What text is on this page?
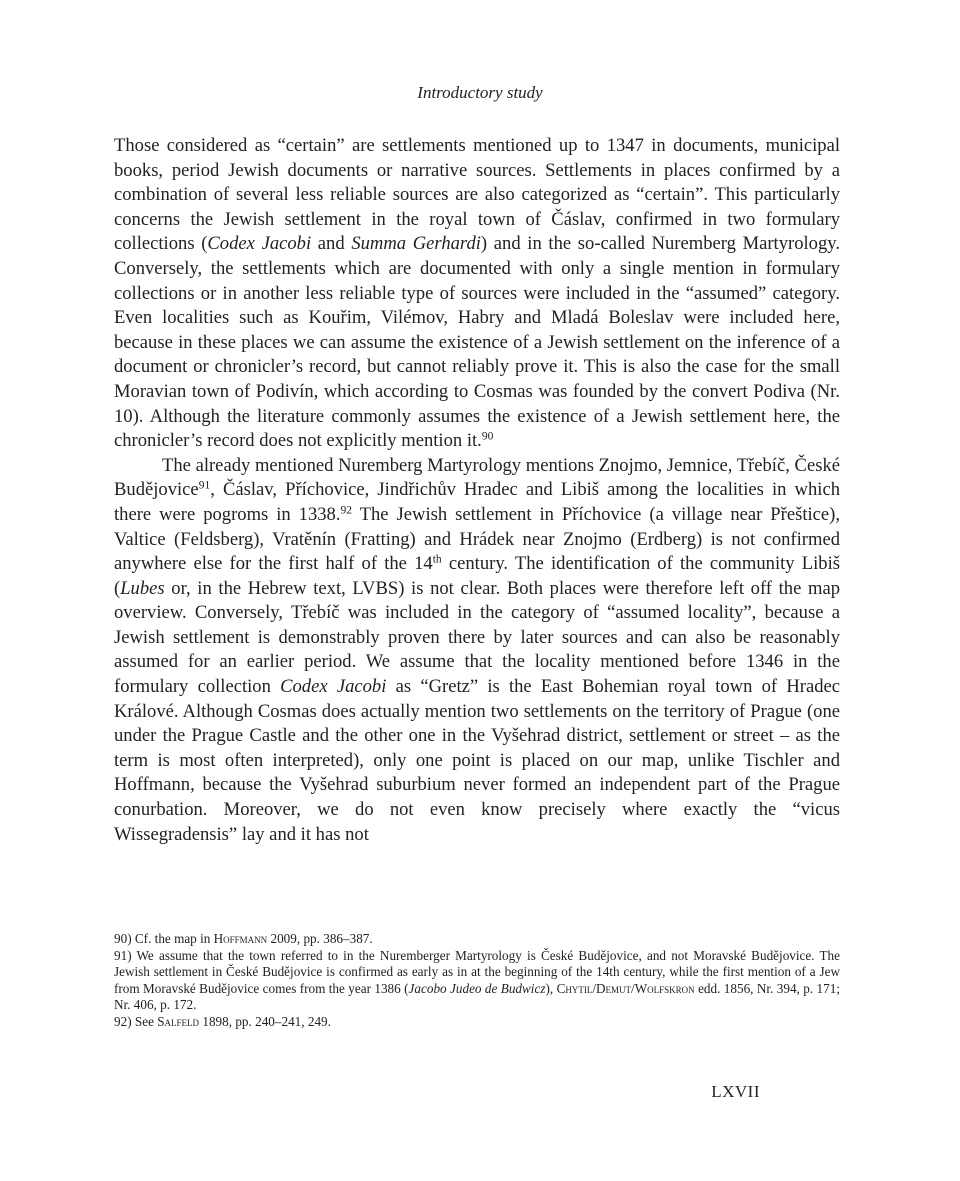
Introductory study

Those considered as “certain” are settlements mentioned up to 1347 in documents, municipal books, period Jewish documents or narrative sources. Settlements in places confirmed by a combination of several less reliable sources are also categorized as “certain”. This particularly concerns the Jewish settlement in the royal town of Čáslav, confirmed in two formulary collections (Codex Jacobi and Summa Gerhardi) and in the so-called Nuremberg Martyrology. Conversely, the settlements which are documented with only a single mention in formulary collections or in another less reliable type of sources were included in the “assumed” category. Even localities such as Kouřim, Vilémov, Habry and Mladá Boleslav were included here, because in these places we can assume the existence of a Jewish settlement on the inference of a document or chronicler’s record, but cannot reliably prove it. This is also the case for the small Moravian town of Podivín, which according to Cosmas was founded by the convert Podiva (Nr. 10). Although the literature commonly assumes the existence of a Jewish settlement here, the chronicler’s record does not explicitly mention it.$^{90}$

The already mentioned Nuremberg Martyrology mentions Znojmo, Jemnice, Třebíč, České Budějovice$^{91}$, Čáslav, Příchovice, Jindřichův Hradec and Libiš among the localities in which there were pogroms in 1338.92 The Jewish settlement in Příchovice (a village near Přeštice), Valtice (Feldsberg), Vratěnín (Fratting) and Hrádek near Znojmo (Erdberg) is not confirmed anywhere else for the first half of the 14th century. The identification of the community Libiš (Lubes or, in the Hebrew text, LVBS) is not clear. Both places were therefore left off the map overview. Conversely, Třebíč was included in the category of “assumed locality”, because a Jewish settlement is demonstrably proven there by later sources and can also be reasonably assumed for an earlier period. We assume that the locality mentioned before 1346 in the formulary collection Codex Jacobi as “Gretz” is the East Bohemian royal town of Hradec Králové. Although Cosmas does actually mention two settlements on the territory of Prague (one under the Prague Castle and the other one in the Vyšehrad district, settlement or street – as the term is most often interpreted), only one point is placed on our map, unlike Tischler and Hoffmann, because the Vyšehrad suburbium never formed an independent part of the Prague conurbation. Moreover, we do not even know precisely where exactly the “vicus Wissegradensis” lay and it has not

90) Cf. the map in Hoffmann 2009, pp. 386–387.

91) We assume that the town referred to in the Nuremberger Martyrology is České Budějovice, and not Moravské Budějovice. The Jewish settlement in České Budějovice is confirmed as early as in at the beginning of the 14th century, while the first mention of a Jew from Moravské Budějovice comes from the year 1386 (Jacobo Judeo de Budwicz), Chytil/Demut/Wolfskron edd. 1856, Nr. 394, p. 171; Nr. 406, p. 172.

92) See Salfeld 1898, pp. 240–241, 249.

LXVII
